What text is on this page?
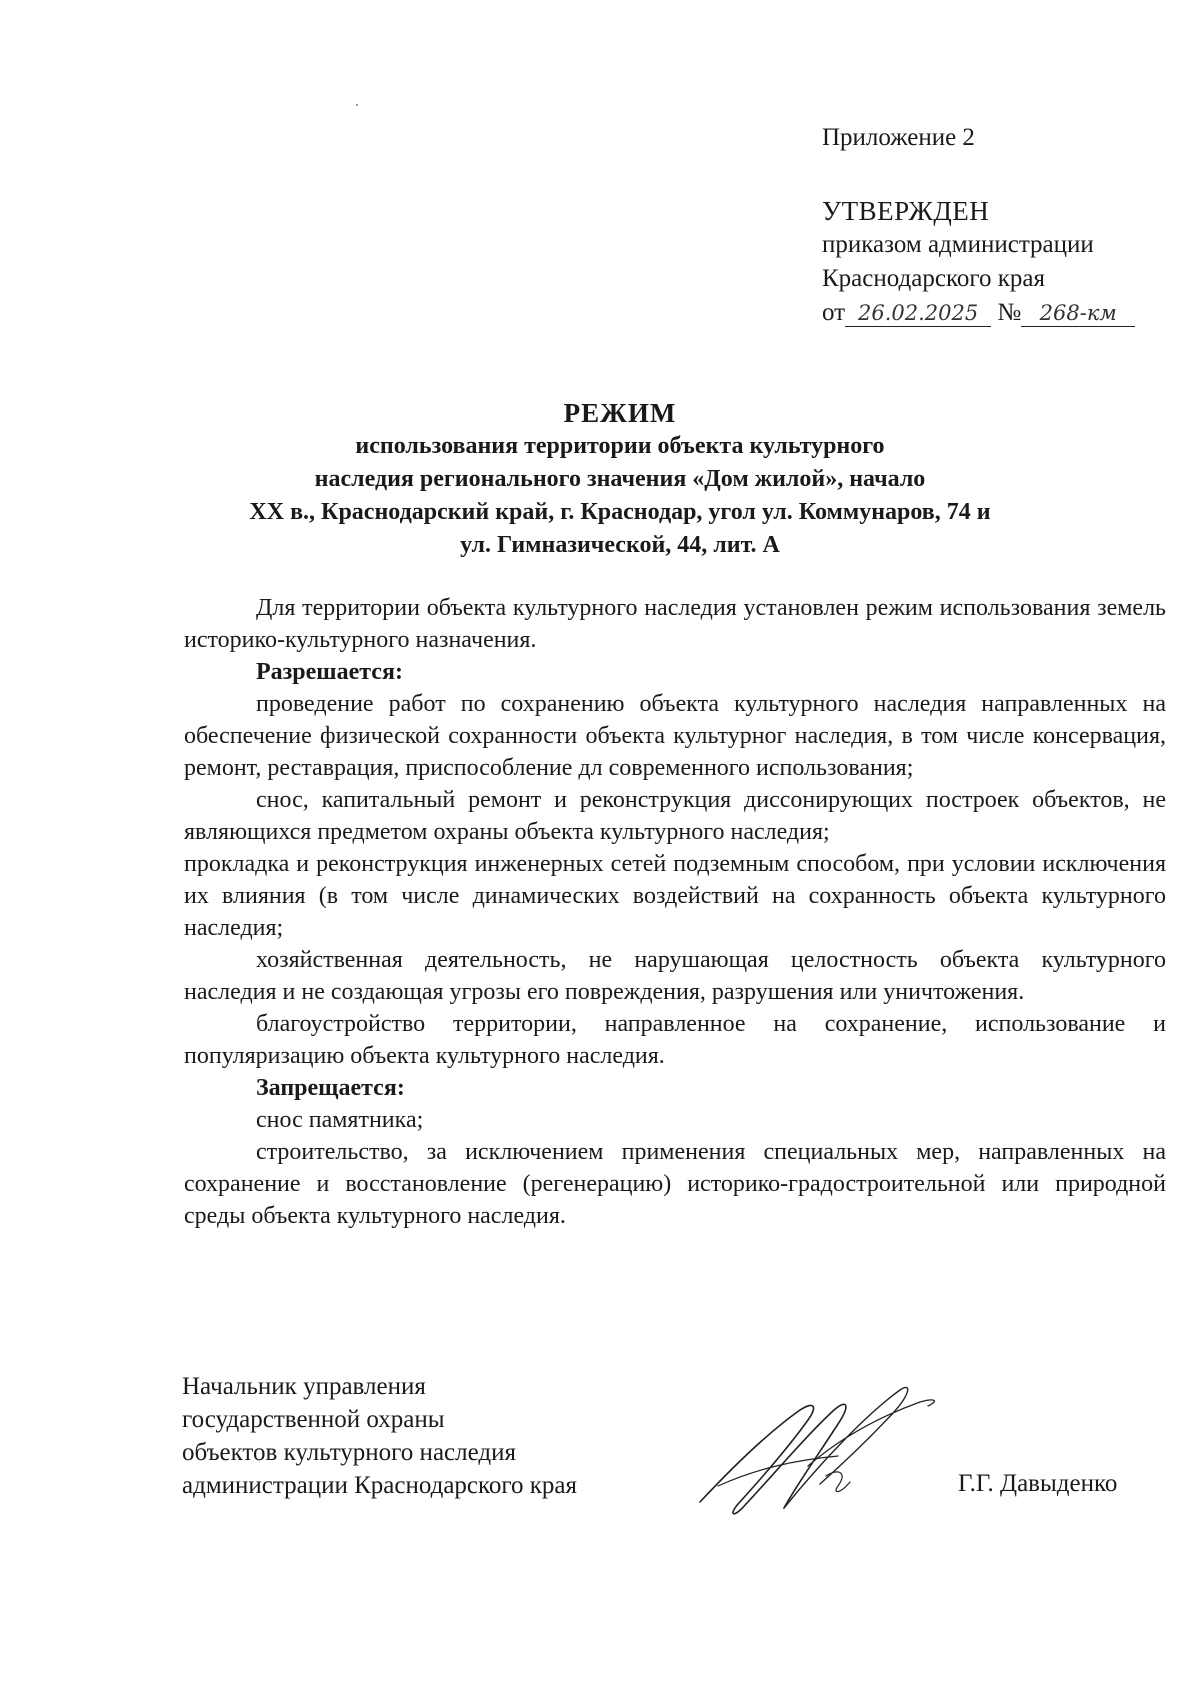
Приложение 2
УТВЕРЖДЕН
приказом администрации
Краснодарского края
от 26.02.2025 № 268-км
РЕЖИМ
использования территории объекта культурного
наследия регионального значения «Дом жилой», начало
XX в., Краснодарский край, г. Краснодар, угол ул. Коммунаров, 74 и
ул. Гимназической, 44, лит. А

Для территории объекта культурного наследия установлен режим использования земель историко-культурного назначения.

Разрешается:

проведение работ по сохранению объекта культурного наследия направленных на обеспечение физической сохранности объекта культурног наследия, в том числе консервация, ремонт, реставрация, приспособление дл современного использования;

снос, капитальный ремонт и реконструкция диссонирующих построек объектов, не являющихся предметом охраны объекта культурного наследия;

прокладка и реконструкция инженерных сетей подземным способом, при условии исключения их влияния (в том числе динамических воздействий на сохранность объекта культурного наследия;

хозяйственная деятельность, не нарушающая целостность объекта культурного наследия и не создающая угрозы его повреждения, разрушения или уничтожения.

благоустройство территории, направленное на сохранение, использование и популяризацию объекта культурного наследия.

Запрещается:

снос памятника;

строительство, за исключением применения специальных мер, направленных на сохранение и восстановление (регенерацию) историко-градостроительной или природной среды объекта культурного наследия.

Начальник управления
государственной охраны
объектов культурного наследия
администрации Краснодарского края	Г.Г. Давыденко
